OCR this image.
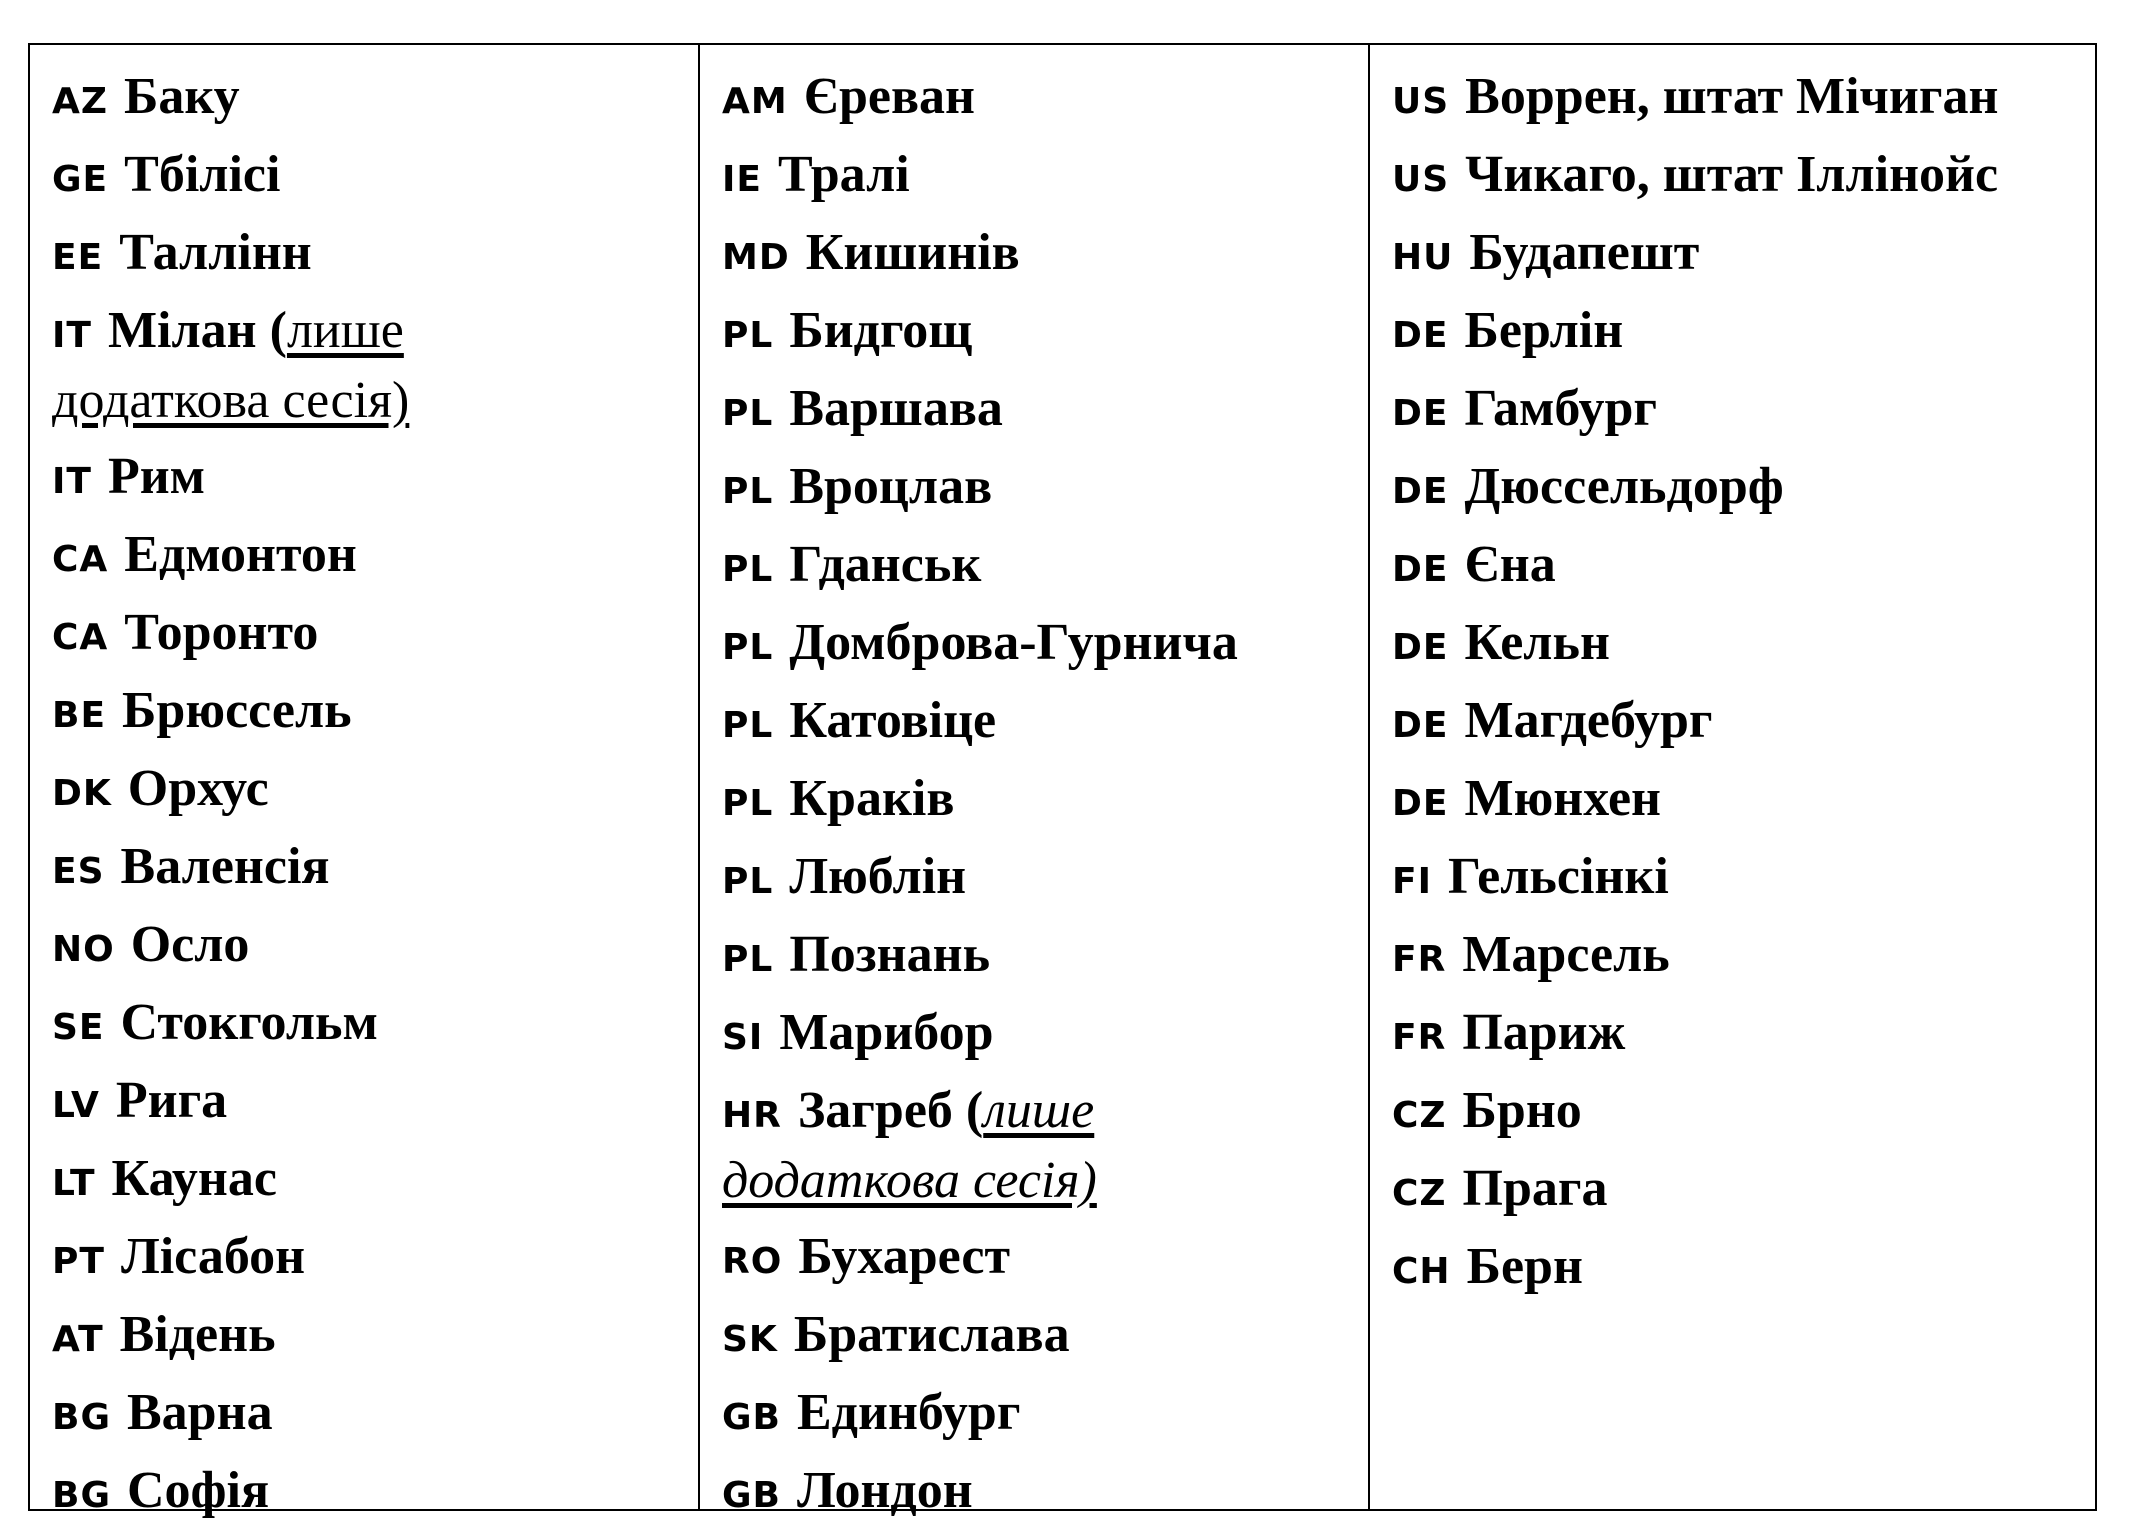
AZ Баку

GE Тбілісі

EE Таллінн

IT Мілан (лише
додаткова сесія)

IT Рим

CA Едмонтон

CA Торонто

BE Брюссель

DK Орхус

ES Валенсія

NO Осло

SE Стокгольм

LV Рига

LT Каунас

PT Лісабон

AT Відень

BG Варна

BG Софія

AM Єреван

IE Тралі

MD Кишинів

PL Бидгощ

PL Варшава

PL Вроцлав

PL Гданськ

PL Домброва-Гурнича

PL Катовіце

PL Краків

PL Люблін

PL Познань

SI Марибор

HR Загреб (лише
додаткова сесія)

RO Бухарест

SK Братислава

GB Единбург

GB Лондон

US Воррен, штат Мічиган

US Чикаго, штат Іллінойс

HU Будапешт

DE Берлін

DE Гамбург

DE Дюссельдорф

DE Єна

DE Кельн

DE Магдебург

DE Мюнхен

FI Гельсінкі

FR Марсель

FR Париж

CZ Брно

CZ Прага

CH Берн
